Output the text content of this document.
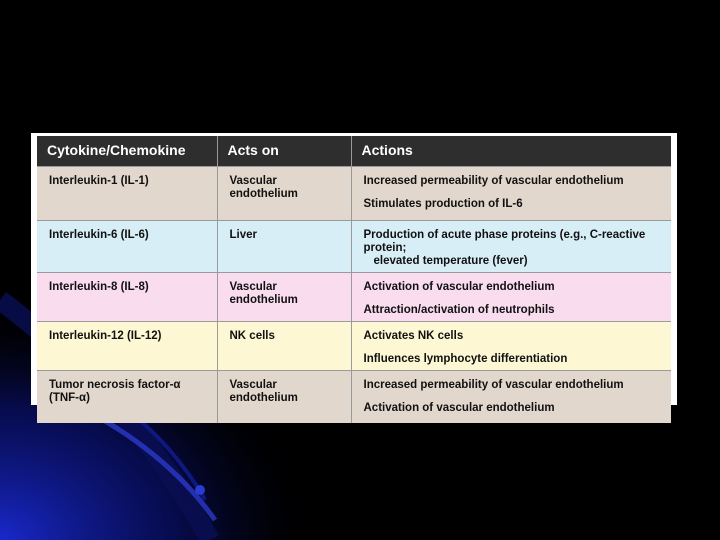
Cytokine/Chemokine	Acts on	Actions
Interleukin-1 (IL-1)	Vascular endothelium	Increased permeability of vascular endothelium
Stimulates production of IL-6

Interleukin-6 (IL-6)	Liver	Production of acute phase proteins (e.g., C-reactive protein;
elevated temperature (fever)
Interleukin-8 (IL-8)	Vascular endothelium	Activation of vascular endothelium
Attraction/activation of neutrophils

Interleukin-12 (IL-12)	NK cells	Activates NK cells
Influences lymphocyte differentiation

Tumor necrosis factor-α (TNF-α)	Vascular endothelium	Increased permeability of vascular endothelium
Activation of vascular endothelium
